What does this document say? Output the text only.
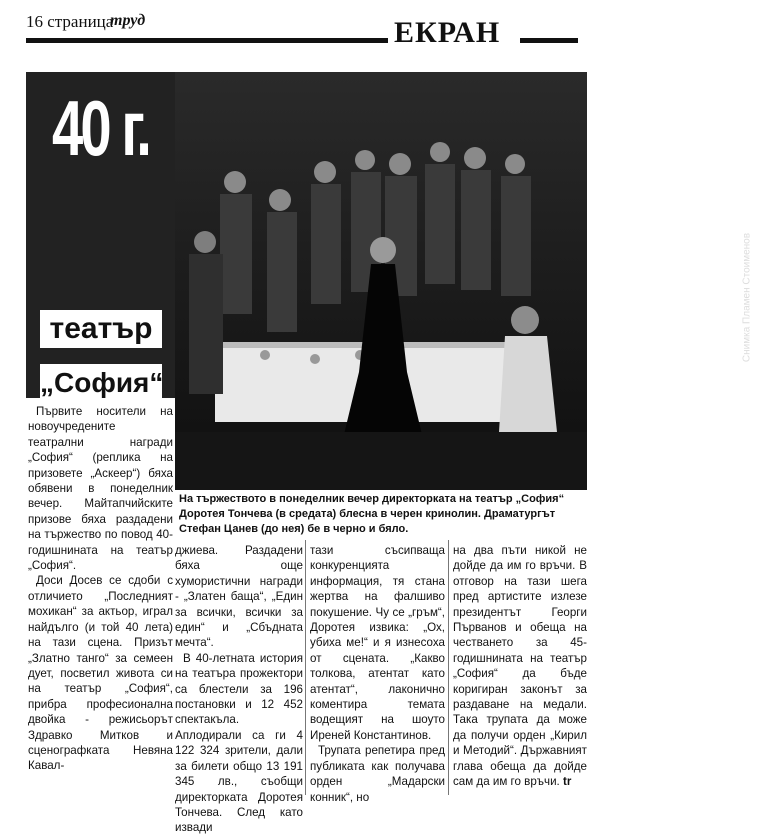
16 страница
труд	ЕКРАН
Снимка Пламен Стоименов
40 г.
театър
„София“
На тържеството в понеделник вечер директорката на театър „София“ Доротея Тончева (в средата) блесна в черен кринолин. Драматургът Стефан Цанев (до нея) бе в черно и бяло.

Първите носители на новоучредените театрални награди „София“ (реплика на призовете „Аскеер“) бяха обявени в понеделник вечер. Майтапчийските призове бяха раздадени на тържество по повод 40-годишнината на театър „София“.

Доси Досев се сдоби с отличието „Последният мохикан“ за актьор, играл найдългo (и той 40 лета) на тази сцена. Призът „Златно танго“ за семеен дует, посветил живота си на театър „София“, прибра професионална двойка - режисьорът Здравко Митков и сценографката Невяна Кавал-

джиева. Раздадени бяха още хумористични награди - „Златен баща“, „Един за всички, всички за един“ и „Сбъдната мечта“.

В 40-летната история на театъра прожектори са блестели за 196 постановки и 12 452 спектакъла. Аплодирали са ги 4 122 324 зрители, дали за билети общо 13 191 345 лв., съобщи директорката Доротея Тончева. След като извади

тази съсипваща конкуренцията информация, тя стана жертва на фалшиво покушение. Чу се „гръм“, Доротея извика: „Ох, убиха ме!“ и я изнесоха от сцената. „Какво толкова, атентат като атентат“, лаконично коментира темата водещият на шоуто Иреней Константинов.

Трупата репетира пред публиката как получава орден „Мадарски конник“, но

на два пъти никой не дойде да им го връчи. В отговор на тази шега пред артистите излезе президентът Георги Първанов и обеща на честването за 45-годишнината на театър „София“ да бъде коригиран законът за раздаване на медали. Така трупата да може да получи орден „Кирил и Методий“. Държавният глава обеща да дойде сам да им го връчи. tr
